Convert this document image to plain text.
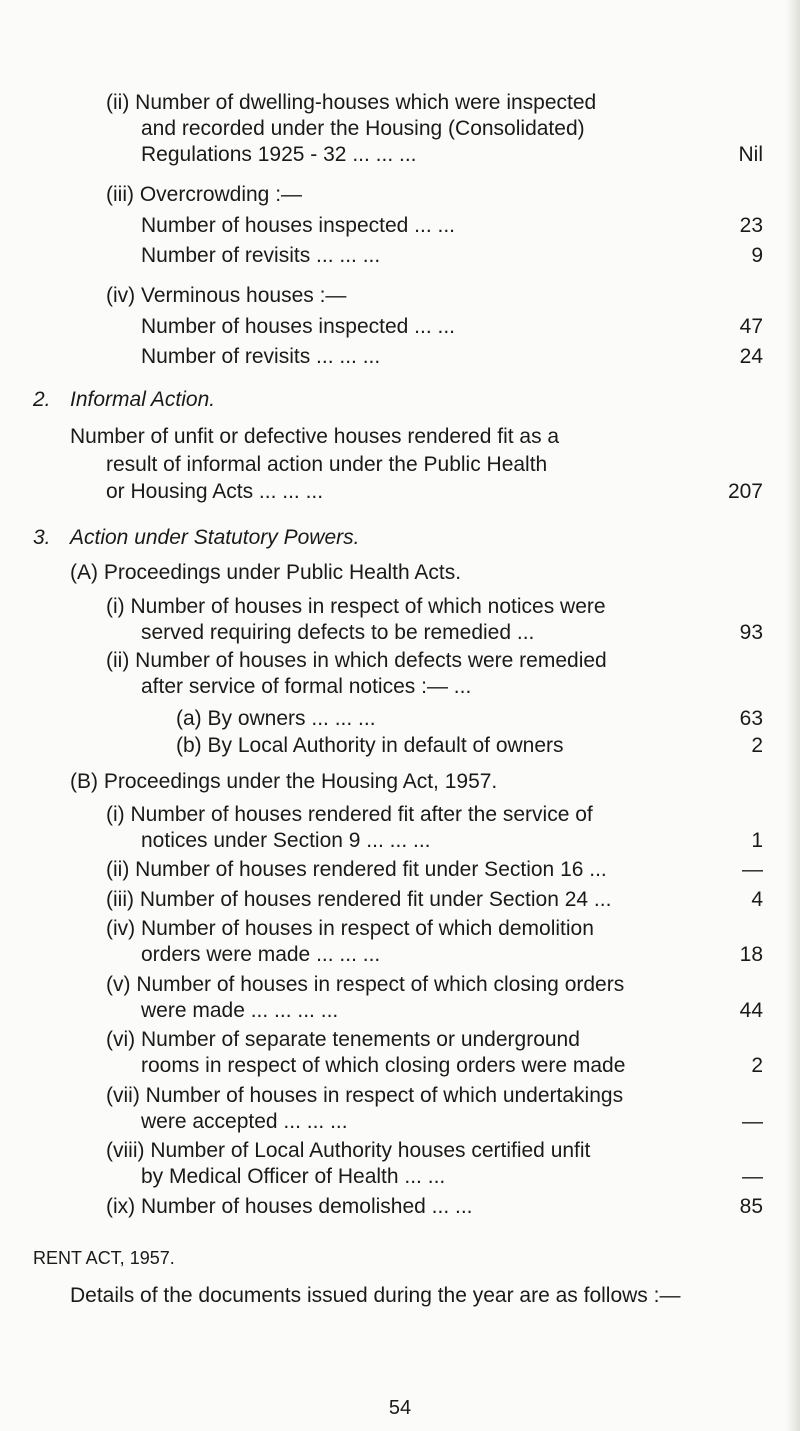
(ii) Number of dwelling-houses which were inspected
and recorded under the Housing (Consolidated)
Regulations 1925 - 32 ... ... ...	Nil
(iii) Overcrowding :—
Number of houses inspected ... ...	23
Number of revisits ... ... ...	9
(iv) Verminous houses :—
Number of houses inspected ... ...	47
Number of revisits ... ... ...	24
2. Informal Action.
Number of unfit or defective houses rendered fit as a
result of informal action under the Public Health
or Housing Acts ... ... ...	207
3. Action under Statutory Powers.
(A) Proceedings under Public Health Acts.
(i) Number of houses in respect of which notices were
served requiring defects to be remedied ...	93
(ii) Number of houses in which defects were remedied
after service of formal notices :— ...
(a) By owners ... ... ...	63
(b) By Local Authority in default of owners	2
(B) Proceedings under the Housing Act, 1957.
(i) Number of houses rendered fit after the service of
notices under Section 9 ... ... ...	1
(ii) Number of houses rendered fit under Section 16 ...	—
(iii) Number of houses rendered fit under Section 24 ...	4
(iv) Number of houses in respect of which demolition
orders were made ... ... ...	18
(v) Number of houses in respect of which closing orders
were made ... ... ... ...	44
(vi) Number of separate tenements or underground
rooms in respect of which closing orders were made	2
(vii) Number of houses in respect of which undertakings
were accepted ... ... ...	—
(viii) Number of Local Authority houses certified unfit
by Medical Officer of Health ... ...	—
(ix) Number of houses demolished ... ...	85
RENT ACT, 1957.
Details of the documents issued during the year are as follows :—
54
